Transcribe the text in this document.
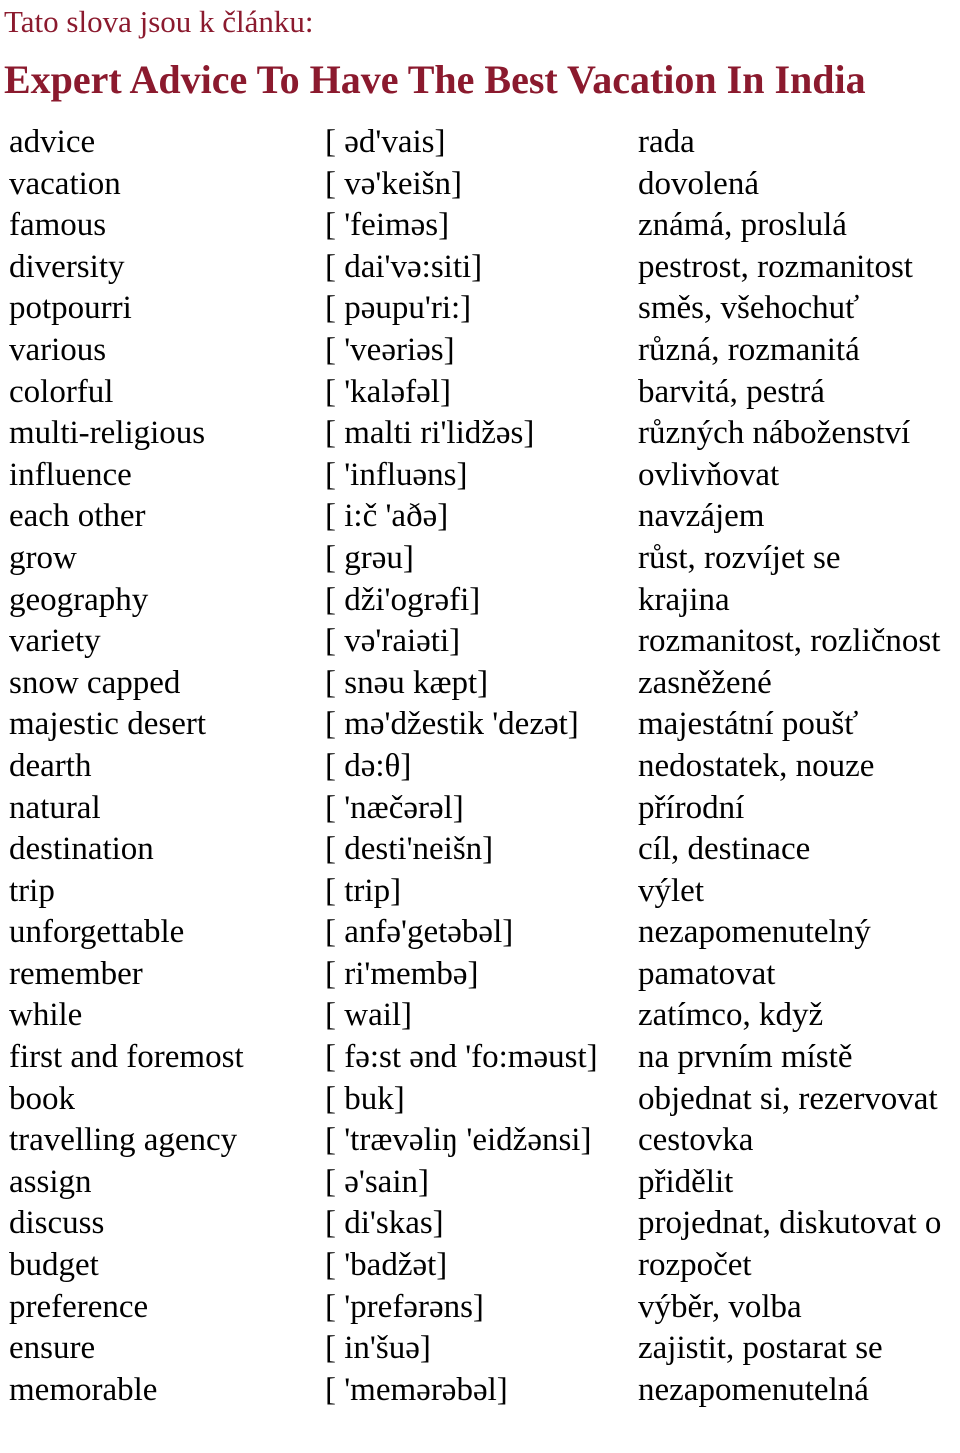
Tato slova jsou k článku:
Expert Advice To Have The Best Vacation In India
advice	[ əd'vais]	rada
vacation	[ və'keišn]	dovolená
famous	[ 'feiməs]	známá, proslulá
diversity	[ dai'və:siti]	pestrost, rozmanitost
potpourri	[ pəupu'ri:]	směs, všehochuť
various	[ 'veəriəs]	různá, rozmanitá
colorful	[ 'kaləfəl]	barvitá, pestrá
multi-religious	[ malti ri'lidžəs]	různých náboženství
influence	[ 'influəns]	ovlivňovat
each other	[ i:č 'aðə]	navzájem
grow	[ grəu]	růst, rozvíjet se
geography	[ dži'ogrəfi]	krajina
variety	[ və'raiəti]	rozmanitost, rozličnost
snow capped	[ snəu kæpt]	zasněžené
majestic desert	[ mə'džestik 'dezət]	majestátní poušť
dearth	[ də:θ]	nedostatek, nouze
natural	[ 'næčərəl]	přírodní
destination	[ desti'neišn]	cíl, destinace
trip	[ trip]	výlet
unforgettable	[ anfə'getəbəl]	nezapomenutelný
remember	[ ri'membə]	pamatovat
while	[ wail]	zatímco, když
first and foremost	[ fə:st ənd 'fo:məust]	na prvním místě
book	[ buk]	objednat si, rezervovat
travelling agency	[ 'trævəliŋ 'eidžənsi]	cestovka
assign	[ ə'sain]	přidělit
discuss	[ di'skas]	projednat, diskutovat o
budget	[ 'badžət]	rozpočet
preference	[ 'prefərəns]	výběr, volba
ensure	[ in'šuə]	zajistit, postarat se
memorable	[ 'memərəbəl]	nezapomenutelná
